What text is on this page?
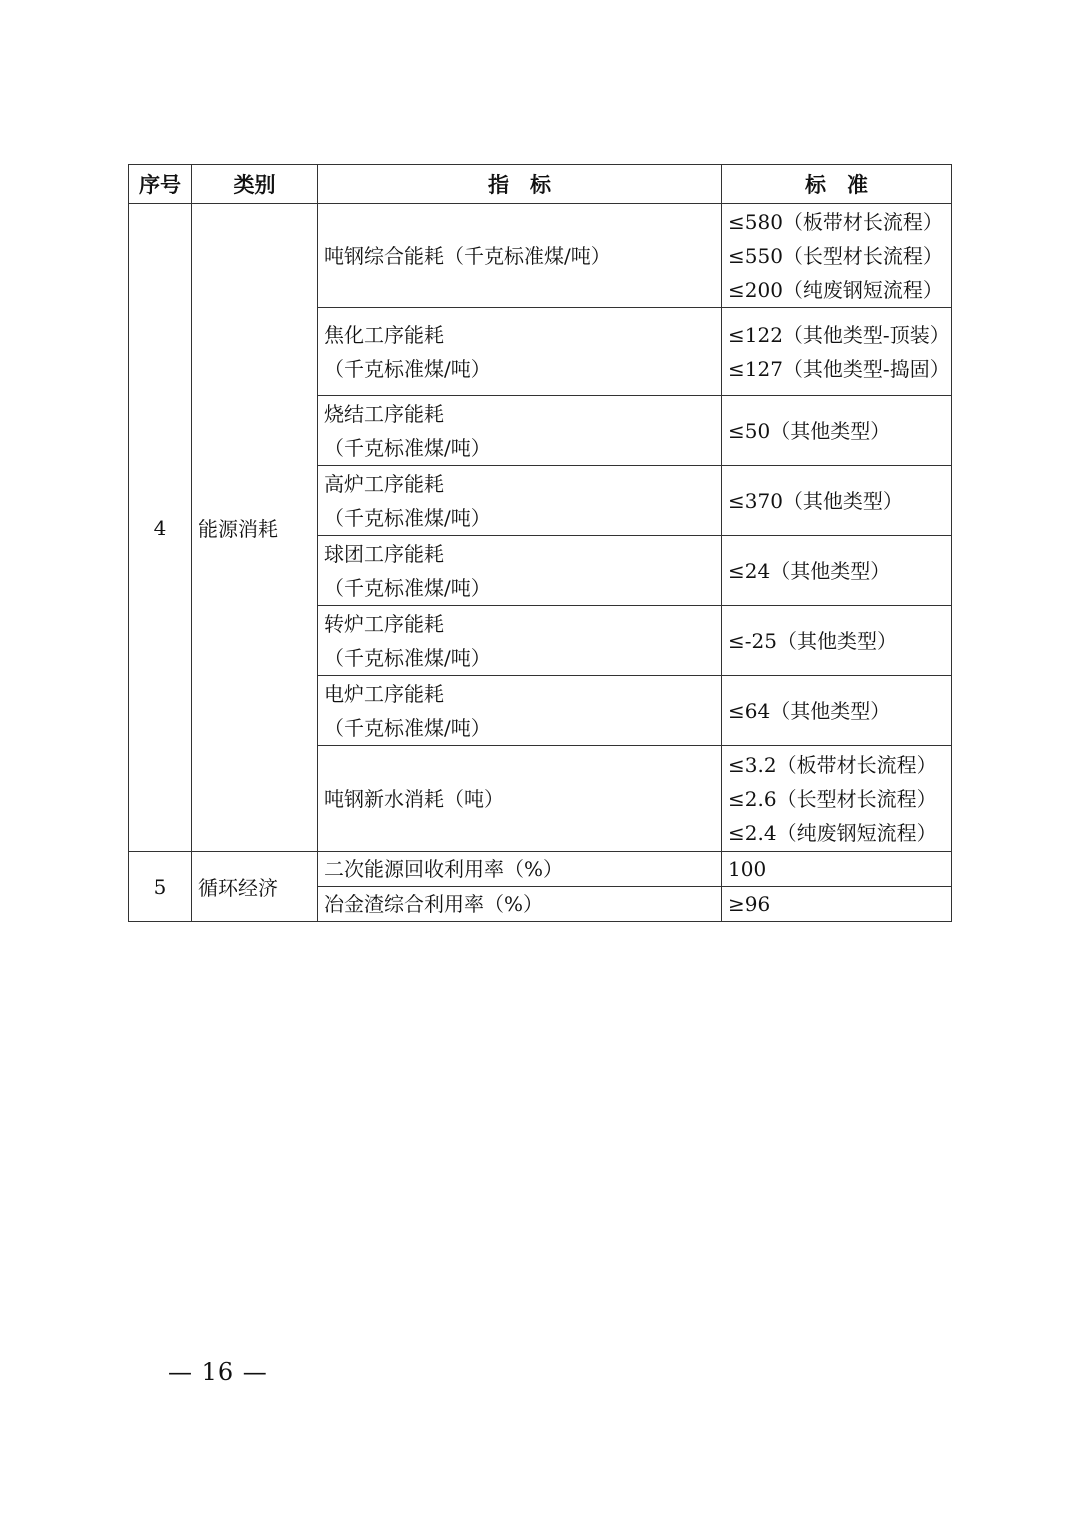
序号	类别	指　标	标　准
4	能源消耗	吨钢综合能耗（千克标准煤/吨）	≤580（板带材长流程）
≤550（长型材长流程）
≤200（纯废钢短流程）

		焦化工序能耗
（千克标准煤/吨）	≤122（其他类型-顶装）
≤127（其他类型-捣固）

		烧结工序能耗
（千克标准煤/吨）	≤50（其他类型）

		高炉工序能耗
（千克标准煤/吨）	≤370（其他类型）

		球团工序能耗
（千克标准煤/吨）	≤24（其他类型）

		转炉工序能耗
（千克标准煤/吨）	≤-25（其他类型）

		电炉工序能耗
（千克标准煤/吨）	≤64（其他类型）

		吨钢新水消耗（吨）	≤3.2（板带材长流程）
≤2.6（长型材长流程）
≤2.4（纯废钢短流程）

5	循环经济	二次能源回收利用率（%）	100

		冶金渣综合利用率（%）	≥96
— 16 —
